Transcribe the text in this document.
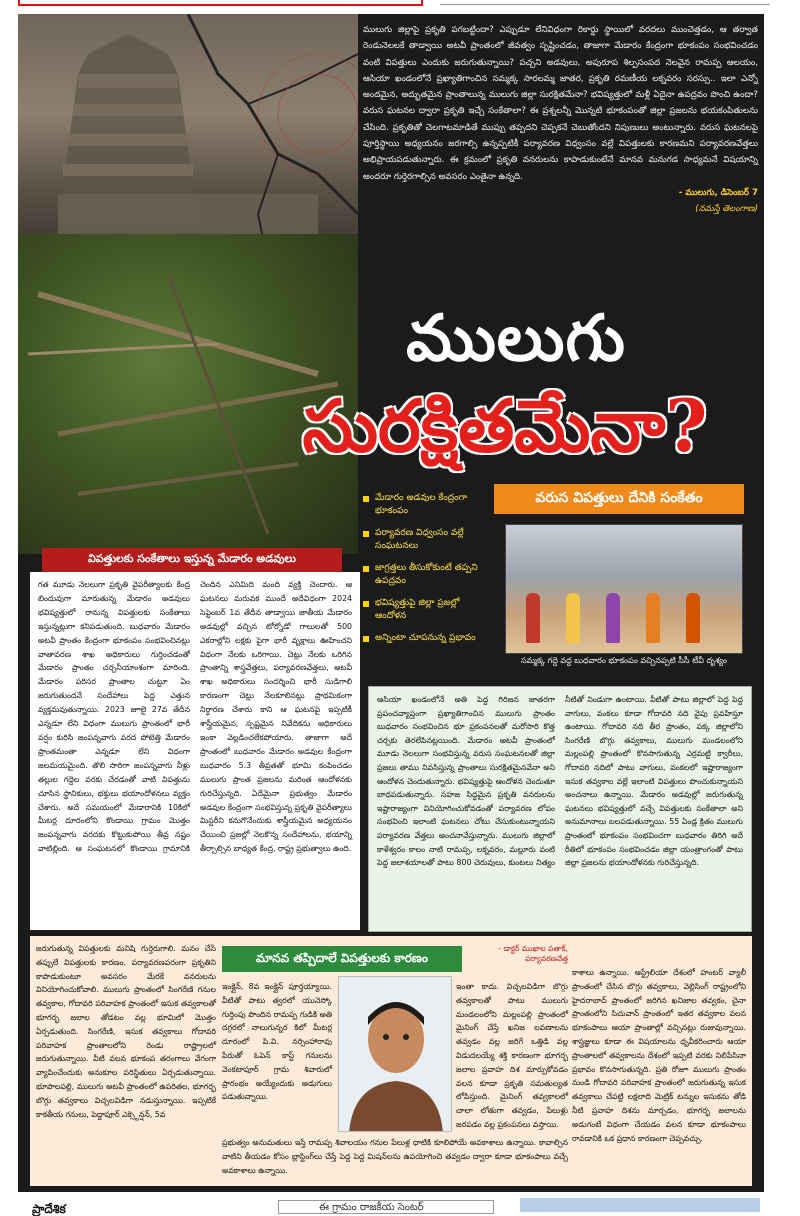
ములుగు జిల్లాపై ప్రకృతి పగబట్టిందా? ఎప్పుడూ లేనివిధంగా రికార్డు స్థాయిలో వరదలు ముంచెత్తడం, ఆ తర్వాత రెండునెలలకే తాడ్వాయి అటవీ ప్రాంతంలో జీవత్వం సృష్టించడం, తాజాగా మేడారం కేంద్రంగా భూకంపం సంభవించడం వంటి విపత్తులు ఎందుకు జరుగుతున్నాయి? పచ్చని అడవులు, అపురూప శిల్పసంపద నెలవైన రామప్ప ఆలయం, ఆసియా ఖండంలోనే ప్రఖ్యాతిగాంచిన సమ్మక్క సారలమ్మ జాతర, ప్రకృతి రమణీయ లక్నవరం సరస్సు.. ఇలా ఎన్నో అందమైన, అద్భుతమైన ప్రాంతాలున్న ములుగు జిల్లా సురక్షితమేనా? భవిష్యత్తులో మళ్లీ ఏదైనా ఉపద్రవం పొంచి ఉందా? వరుస ఘటనల ద్వారా ప్రకృతి ఇచ్చే సంకేతాలా? ఈ ప్రశ్నలన్నీ మొన్నటి భూకంపంతో జిల్లా ప్రజలను భయకంపితులను చేసింది. ప్రకృతితో చెలగాటమాడితే ముప్పు తప్పదని చెప్పకనే చెబుతోందని నిపుణులు అంటున్నారు. వరుస ఘటనలపై పూర్తిస్థాయి అధ్యయనం జరగాల్సి ఉన్నప్పటికీ పర్యావరణ విధ్వంసం వల్లే విపత్తులకు కారణమని పర్యావరణవేత్తలు అభిప్రాయపడుతున్నారు. ఈ క్రమంలో ప్రకృతి వనరులను కాపాడుకుంటేనే మానవ మనుగడ సాధ్యమనే విషయాన్ని అందరూ గుర్తెరగాల్సిన అవసరం ఎంతైనా ఉన్నది.

- ములుగు, డిసెంబర్ 7

(నమస్తే తెలంగాణ)

ములుగు
సురక్షితమేనా?
మేడారం అడవుల కేంద్రంగా భూకంపం
పర్యావరణ విధ్వంసం వల్లే సంఘటనలు
జాగ్రత్తలు తీసుకోకుంటే తప్పని ఉపద్రవం
భవిష్యత్తుపై జిల్లా ప్రజల్లో ఆందోళన
అన్నింటా చూపనున్న ప్రభావం
వరుస విపత్తులు దేనికి సంకేతం
సమ్మక్క గద్దె వద్ద బుధవారం భూకంపం వచ్చినప్పటి సీసీ టీవీ దృశ్యం
విపత్తులకు సంకేతాలు ఇస్తున్న మేడారం అడవులు
గత మూడు నెలలుగా ప్రకృతి వైపరీత్యాలకు కేంద్ర బిందువుగా మారుతున్న మేడారం అడవులు భవిష్యత్తులో రానున్న విపత్తులకు సంకేతాలు ఇస్తున్నట్లుగా కనిపడుతుంది. బుధవారం మేడారం అటవీ ప్రాంతం కేంద్రంగా భూకంపం సంభవించినట్లు వాతావరణ శాఖ అధికారులు గుర్తించడంతో మేడారం ప్రాంతం చర్చనీయాంశంగా మారింది. మేడారం పరిసర ప్రాంతాల చుట్టూ ఏం జరుగుతుందనే సందేహాలు పెద్ద ఎత్తున వ్యక్తమవుతున్నాయి. 2023 జూలై 27వ తేదీన ఎన్నడూ లేని విధంగా ములుగు ప్రాంతంలో భారీ వర్షం కురిసి జంపన్నవాగు వరద పోటెత్తి మేడారం ప్రాంతమంతా ఎన్నడూ లేని విధంగా జలమయమైంది. తొలి సారిగా జంపన్నవాగు నీళ్లు తల్లుల గద్దెల వరకు చేరడంతో వాటి విపత్తును చూసిన స్థానికులు, భక్తులు భయాందోళనలు వ్యక్తం చేశారు. అదే సమయంలో మేడారానికి 10కిలో మీటర్ల దూరంలోని కొండాయి గ్రామం మొత్తం జంపన్నవాగు వరదకు కొట్టుకుపోయి తీవ్ర నష్టం వాటిల్లింది. ఆ సంఘటనలో కొండాయి గ్రామానికి చెందిన ఎనిమిది మంది వ్యక్తి చెందారు. ఆ ఘటనలు మరువక ముందే అదేవిధంగా 2024 సెప్టెంబర్ 1వ తేదీన తాడ్వాయి జాతీయ మేడారం అడవుల్లో వచ్చిన టోర్నోడో గాలులతో 500 ఎకరాల్లోని లక్షకు పైగా భారీ వృక్షాలు ఊహించని విధంగా నేలకు ఒరిగాయి. చెట్లు నేలకు ఒరిగిన ప్రాంతాన్ని శాస్త్రవేత్తలు, పర్యావరణవేత్తలు, అటవీ శాఖ అధికారులు సందర్శించి భారీ సుడిగాలి కారణంగా చెట్లు నేలకూలినట్లు ప్రాథమికంగా నిర్ధారణ చేశారు కాని ఆ ఘటనపై ఇప్పటికీ శాస్త్రీయమైన, స్పష్టమైన నివేదికను అధికారులు ఇంకా వెల్లడించలేకపోయారు. తాజాగా అదే ప్రాంతంలో బుధవారం మేడారం అడవుల కేంద్రంగా బుధవారం 5.3 తీవ్రతతో భూమి కంపించడం ములుగు ప్రాంత ప్రజలను మరింత ఆందోళనకు గురిచేస్తున్నది. ఏదేమైనా ప్రభుత్వం మేడారం అడవుల కేంద్రంగా సంభవిస్తున్న ప్రకృతి వైపరీత్యాలు మిస్టరీని కనుగొనేందుకు శాస్త్రీయమైన అధ్యయనం చేయించి ప్రజల్లో నెలకొన్న సందేహాలను, భయాన్ని తీర్చాల్సిన బాధ్యత కేంద్ర, రాష్ట్ర ప్రభుత్వాలు ఉంది.
ఆసియా ఖండంలోనే అతి పెద్ద గిరిజన జాతరగా ప్రపంచవ్యాప్తంగా ప్రఖ్యాతిగాంచిన ములుగు ప్రాంతం బుధవారం సంభవించిన భూ ప్రకంపనలతో మరోసారి కొత్త చర్చకు తెరలేపినట్లయింది. మేడారం అటవీ ప్రాంతంలో మూడు నెలలుగా సంభవిస్తున్న వరుస సంఘటనలతో జిల్లా ప్రజలు తాము నివసిస్తున్న ప్రాంతాలు సురక్షితమైనవేనా అని ఆందోళన చెందుతున్నారు. భవిష్యత్తుపై ఆందోళన చెందుతూ బాధపడుతున్నారు. సహజ సిద్ధమైన ప్రకృతి వనరులను ఇష్టారాజ్యంగా వినియోగించుకోవడంతో పర్యావరణ లోపం సంభవించి ఇలాంటి ఘటనలు చోటు చేసుకుంటున్నాయని పర్యావరణ వేత్తలు అంచనావేస్తున్నారు. ములుగు జిల్లాలో కాళేశ్వరం కాలం నాటి రామప్ప, లక్నవరం, మల్లూరు వంటి పెద్ద జలాశయాలతో పాటు 800 చెరువులు, కుంటలు నిత్యం నీటితో నిండుగా ఉంటాయి. వీటితో పాటు జిల్లాలో పెద్ద పెద్ద వాగులు, వంకలు కూడా గోదావరి నది వైపు ప్రవహిస్తూ ఉంటాయి. గోదావరి నది తీర ప్రాంతం, పక్క జిల్లాలోని సింగరేణి బొగ్గు తవ్వకాలు, ములుగు మండలంలోని మల్లంపల్లి ప్రాంతంలో కొనసాగుతున్న ఎర్రమట్టి క్వారీలు, గోదావరి నదిలో పాటు వాగులు, వంకలలో ఇష్టారాజ్యంగా ఇసుక తవ్వకాల వల్లే ఇలాంటి విపత్తులు పొంచుకున్నాయని అంచనాలు ఉన్నాయి. మేడారం అడవుల్లో జరుగుతున్న ఘటనలు భవిష్యత్తులో వచ్చే విపత్తులకు సంకేతాలా అని అనుమానాలు బలపడుతున్నాయి. 55 ఏండ్ల క్రితం ములుగు ప్రాంతంలో భూకంపం సంభవించగా బుధవారం తిరిగి అదే రీతిలో భూకంపం సంభవించడం జిల్లా యంత్రాంగంతో పాటు జిల్లా ప్రజలను భయాందోళనకు గురిచేస్తున్నది.
జరుగుతున్న విపత్తులకు మనిషి గుర్తెరుగాలి. మనం చేసే తప్పులే విపత్తులకు కారణం. పర్యావరణపరంగా ప్రకృతిని కాపాడుకుంటూ అవసరం మేరకే వనరులను వినియోగించుకోవాలి. ములుగు ప్రాంతంలో సింగరేణి గనుల తవ్వకాల, గోదావరి పరివాహక ప్రాంతంలో ఇసుక తవ్వకాలతో భూగర్భ జలాల తోడటం వల్ల భూమిలో మొత్తం ఏర్పడుతుంది. సింగరేణి, ఇసుక తవ్వకాలు గోదావరి పరివాహక ప్రాంతాలలోని రెండు రాష్ట్రాలలో జరుగుతున్నాయి. వీటి వలన భూకంప తరంగాలు వేగంగా వ్యాపించేందుకు అనుకూల పరిస్థితులు ఏర్పడుతున్నాయి. భూపాలపల్లి, ములుగు అటవీ ప్రాంతంలో ఉపరితల, భూగర్భ బొగ్గు తవ్వకాలు విచ్చలవిడిగా నడుస్తున్నాయి. ఇప్పటికే కాకతీయ గనులు, పెద్దాపూర్ ఎక్స్టెన్షన్, 5వ
మానవ తప్పిదాలే విపత్తులకు కారణం
- డాక్టర్ ముఖాల పతాక్, పర్యావరణవేత్త
ఇంక్లైన్, 8వ ఇంక్లైన్ పూర్తయ్యాయి. వీటితో పాటు త్వరలో యునెస్కో గుర్తింపు పొందిన రామప్ప గుడికి అతి దగ్గరలో నాలుగున్నర కిలో మీటర్ల దూరంలో పి.వి. నర్సింహారావు పేరుతో ఓపెన్ కాస్ట్ గనులను వెంకటాపూర్ గ్రామ శివారులో ప్రారంభం అయ్యేందుకు అడుగులు పడుతున్నాయి.
ఇంతా కాదు. విచ్చలవిడిగా బొగ్గు తవ్వకాలతో పాటు ములుగు మండలంలోని మల్లంపల్లి ప్రాంతంలో మైనింగ్ చేస్తే ఖనిజ లవణాలను తవ్వడం వల్ల జరిగే ఒత్తిడి వల్ల విడుదలయ్యే శక్తి కారణంగా భూగర్భ జలాల ప్రవాహ దిశ మార్పుకోవడం వలన కూడా ప్రకృతి సమతుల్యత లోపిస్తుంది. మైనింగ్ తవ్వకాలలో చాలా లోతుగా తవ్వడం, పేలుళ్లు జరపడం వల్ల ప్రకంపనలు వస్తాయి.
కాశాలు ఉన్నాయి. ఆస్ట్రేలియా దేశంలో హంటర్ వ్యాలీ ప్రాంతంలో చేసిన బొగ్గు తవ్వకాలు, వెల్లిసింగ్ రాష్ట్రంలోని హైదరాబాద్ ప్రాంతంలో జరిగిన ఖనిజాల తవ్వకం, చైనా ప్రాంతంలోని సిచువాన్ ప్రాంతంలో ఇతర తవ్వకాల వలన భూకంపాలు ఆయా ప్రాంతాల్లో వచ్చినట్లు రుజువున్నాయి. శాస్త్రజ్ఞులు కూడా ఈ విషయాలను ధృవీకరించారు ఆయా ప్రాంతాలలో తవ్వకాలను దేశంలో ఇప్పటి వరకు నిలిపేసినా ప్రభావం కొనసాగుతున్నది. ప్రతి రోజూ ములుగు ప్రాంతం నుండి గోదావరి పరివాహక ప్రాంతంలో జరుగుతున్న ఇసుక తవ్వకాలు చేపట్టి లక్షలాది మెట్రిక్ టన్నుల ఇసుకను తోడి నీటి ప్రవాహ దిశను మార్చడం, భూగర్భ జలాలను అడుగంటే విధంగా చేయడం వలన కూడా భూకంపాలు రావడానికి ఒక ప్రధాన కారణంగా చెప్పవచ్చు.
ప్రభుత్వం అనుమతులు ఇస్తే రామప్ప శివాలయం గనుల పేలుళ్ల ధాటికి కూలిపోయే అవకాశాలు ఉన్నాయి. కావాల్సిన వాటిని తీయడం కోసం బ్లాస్టింగ్‌లు చేస్తే పెద్ద పెద్ద మిషన్‌లను ఉపయోగించి తవ్వడం ద్వారా కూడా భూకంపాలు వచ్చే అవకాశాలు ఉన్నాయి.
ప్రాదేశిక	ఈ గ్రామం రాజకీయ సెంటర్
